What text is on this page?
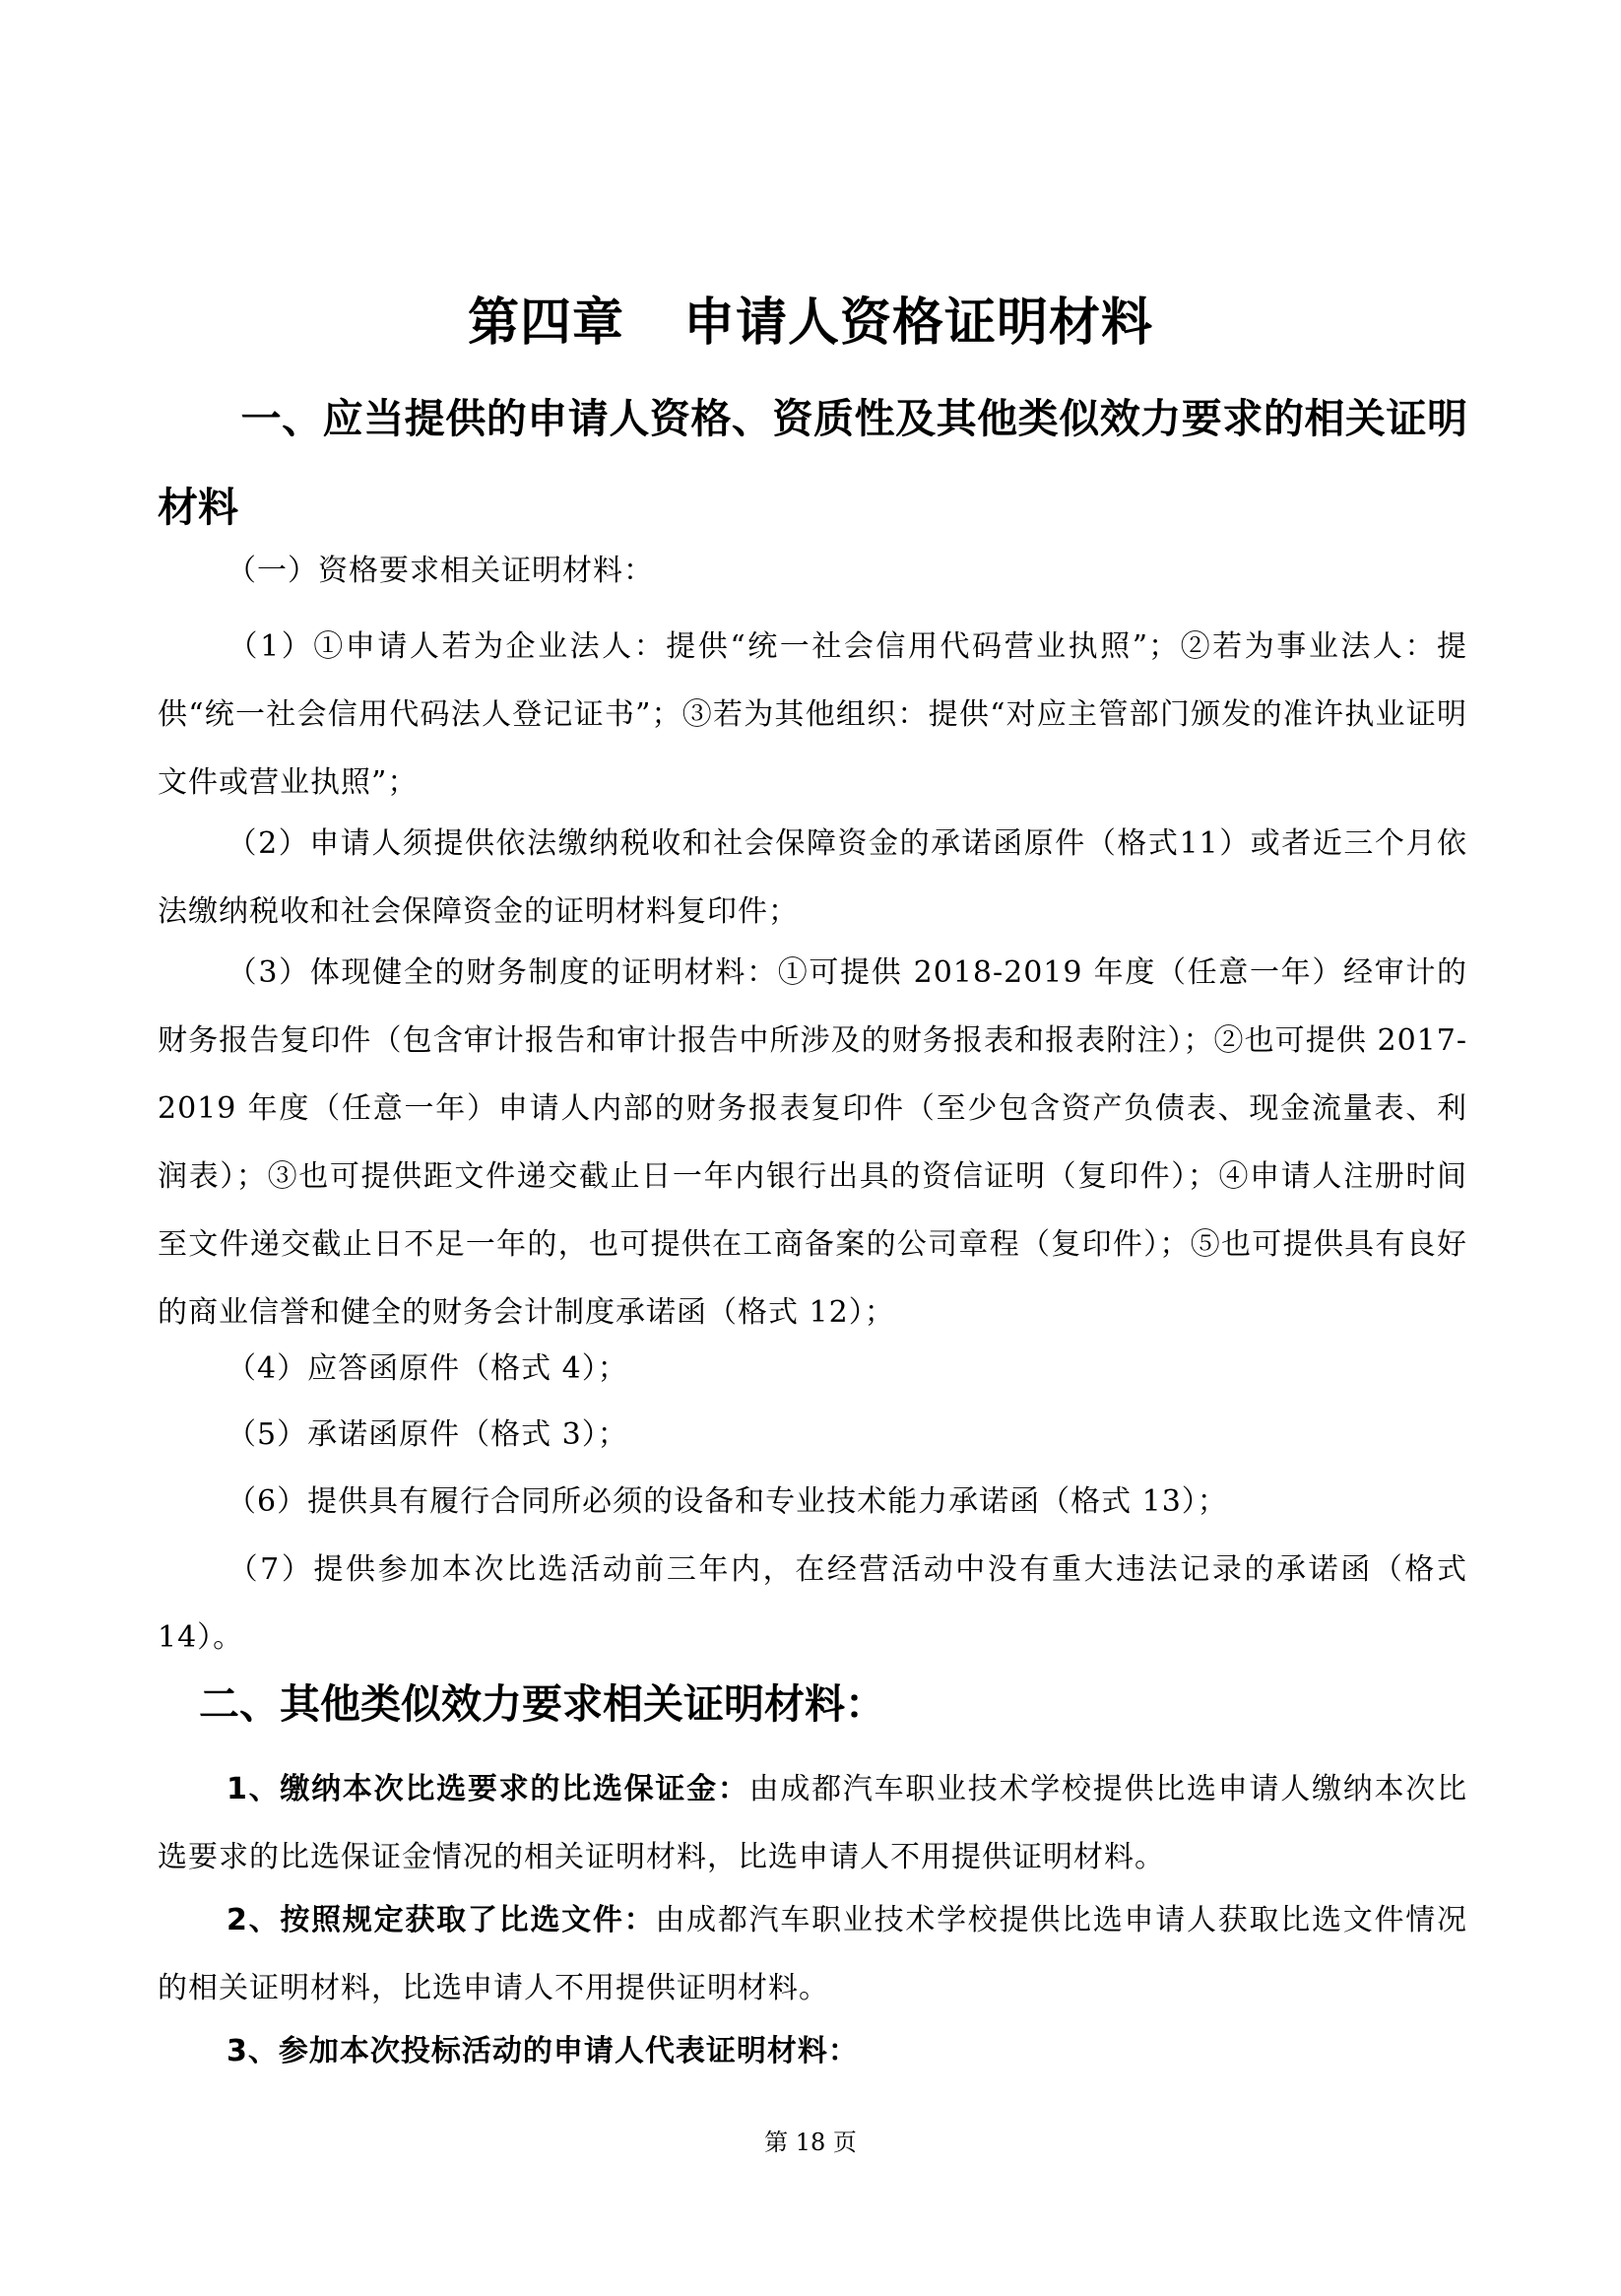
第四章 申请人资格证明材料
一、应当提供的申请人资格、资质性及其他类似效力要求的相关证明材料
（一）资格要求相关证明材料：
（1）①申请人若为企业法人：提供“统一社会信用代码营业执照”；②若为事业法人：提供“统一社会信用代码法人登记证书”；③若为其他组织：提供“对应主管部门颁发的准许执业证明文件或营业执照”；
（2）申请人须提供依法缴纳税收和社会保障资金的承诺函原件（格式11）或者近三个月依法缴纳税收和社会保障资金的证明材料复印件；
（3）体现健全的财务制度的证明材料：①可提供 2018-2019 年度（任意一年）经审计的财务报告复印件（包含审计报告和审计报告中所涉及的财务报表和报表附注）；②也可提供 2017-2019 年度（任意一年）申请人内部的财务报表复印件（至少包含资产负债表、现金流量表、利润表）；③也可提供距文件递交截止日一年内银行出具的资信证明（复印件）；④申请人注册时间至文件递交截止日不足一年的，也可提供在工商备案的公司章程（复印件）；⑤也可提供具有良好的商业信誉和健全的财务会计制度承诺函（格式 12）；
（4）应答函原件（格式 4）；
（5）承诺函原件（格式 3）；
（6）提供具有履行合同所必须的设备和专业技术能力承诺函（格式 13）；
（7）提供参加本次比选活动前三年内，在经营活动中没有重大违法记录的承诺函（格式 14）。
二、其他类似效力要求相关证明材料：
1、缴纳本次比选要求的比选保证金：由成都汽车职业技术学校提供比选申请人缴纳本次比选要求的比选保证金情况的相关证明材料，比选申请人不用提供证明材料。
2、按照规定获取了比选文件：由成都汽车职业技术学校提供比选申请人获取比选文件情况的相关证明材料，比选申请人不用提供证明材料。
3、参加本次投标活动的申请人代表证明材料：
第 18 页
